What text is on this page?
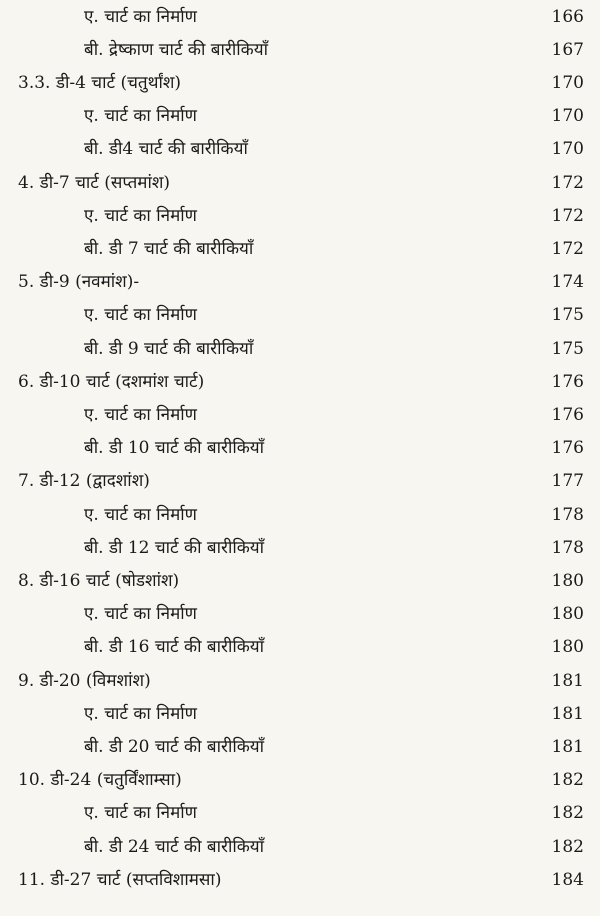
ए. चार्ट का निर्माण	166
बी. द्रेष्काण चार्ट की बारीकियाँ	167
3.3. डी-4 चार्ट (चतुर्थांश)	170
ए. चार्ट का निर्माण	170
बी. डी4 चार्ट की बारीकियाँ	170
4. डी-7 चार्ट (सप्तमांश)	172
ए. चार्ट का निर्माण	172
बी. डी 7 चार्ट की बारीकियाँ	172
5. डी-9 (नवमांश)-	174
ए. चार्ट का निर्माण	175
बी. डी 9 चार्ट की बारीकियाँ	175
6. डी-10 चार्ट (दशमांश चार्ट)	176
ए. चार्ट का निर्माण	176
बी. डी 10 चार्ट की बारीकियाँ	176
7. डी-12 (द्वादशांश)	177
ए. चार्ट का निर्माण	178
बी. डी 12 चार्ट की बारीकियाँ	178
8. डी-16 चार्ट (षोडशांश)	180
ए. चार्ट का निर्माण	180
बी. डी 16 चार्ट की बारीकियाँ	180
9. डी-20 (विमशांश)	181
ए. चार्ट का निर्माण	181
बी. डी 20 चार्ट की बारीकियाँ	181
10. डी-24 (चतुर्विंशाम्सा)	182
ए. चार्ट का निर्माण	182
बी. डी 24 चार्ट की बारीकियाँ	182
11. डी-27 चार्ट (सप्तविशामसा)	184
